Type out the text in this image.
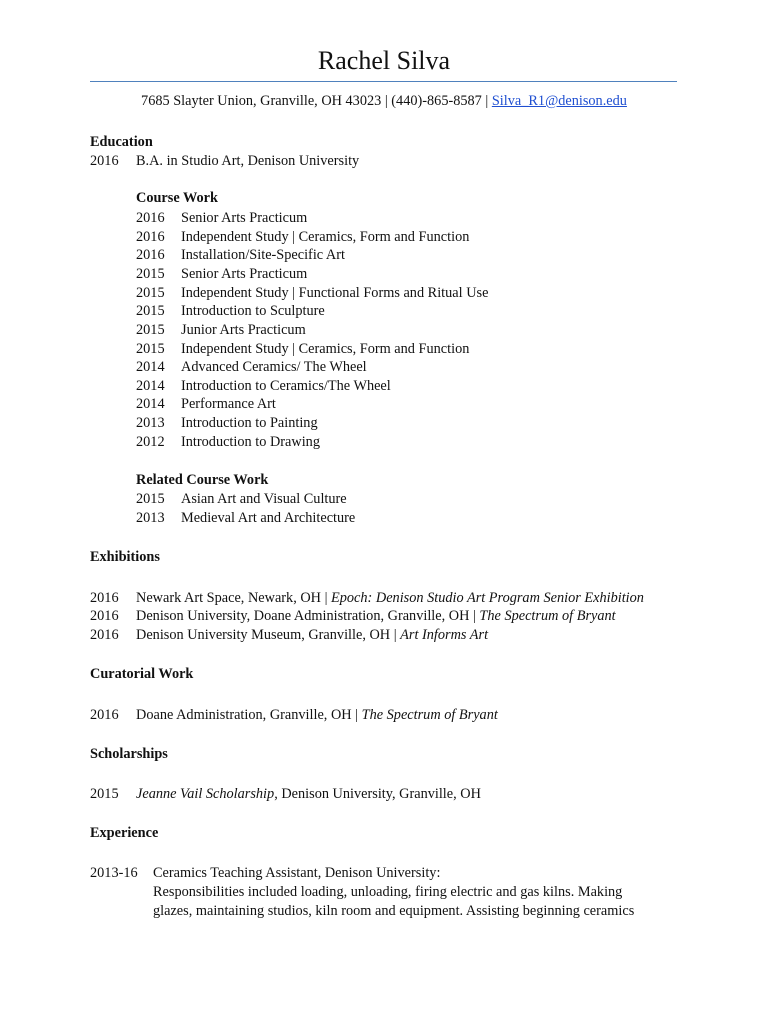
Rachel Silva
7685 Slayter Union, Granville, OH 43023 | (440)-865-8587 | Silva_R1@denison.edu
Education
2016 B.A. in Studio Art, Denison University
Course Work
2016 Senior Arts Practicum
2016 Independent Study | Ceramics, Form and Function
2016 Installation/Site-Specific Art
2015 Senior Arts Practicum
2015 Independent Study | Functional Forms and Ritual Use
2015 Introduction to Sculpture
2015 Junior Arts Practicum
2015 Independent Study | Ceramics, Form and Function
2014 Advanced Ceramics/ The Wheel
2014 Introduction to Ceramics/The Wheel
2014 Performance Art
2013 Introduction to Painting
2012 Introduction to Drawing
Related Course Work
2015 Asian Art and Visual Culture
2013 Medieval Art and Architecture
Exhibitions
2016 Newark Art Space, Newark, OH | Epoch: Denison Studio Art Program Senior Exhibition
2016 Denison University, Doane Administration, Granville, OH | The Spectrum of Bryant
2016 Denison University Museum, Granville, OH | Art Informs Art
Curatorial Work
2016 Doane Administration, Granville, OH | The Spectrum of Bryant
Scholarships
2015 Jeanne Vail Scholarship, Denison University, Granville, OH
Experience
2013-16 Ceramics Teaching Assistant, Denison University:
Responsibilities included loading, unloading, firing electric and gas kilns. Making
glazes, maintaining studios, kiln room and equipment. Assisting beginning ceramics
